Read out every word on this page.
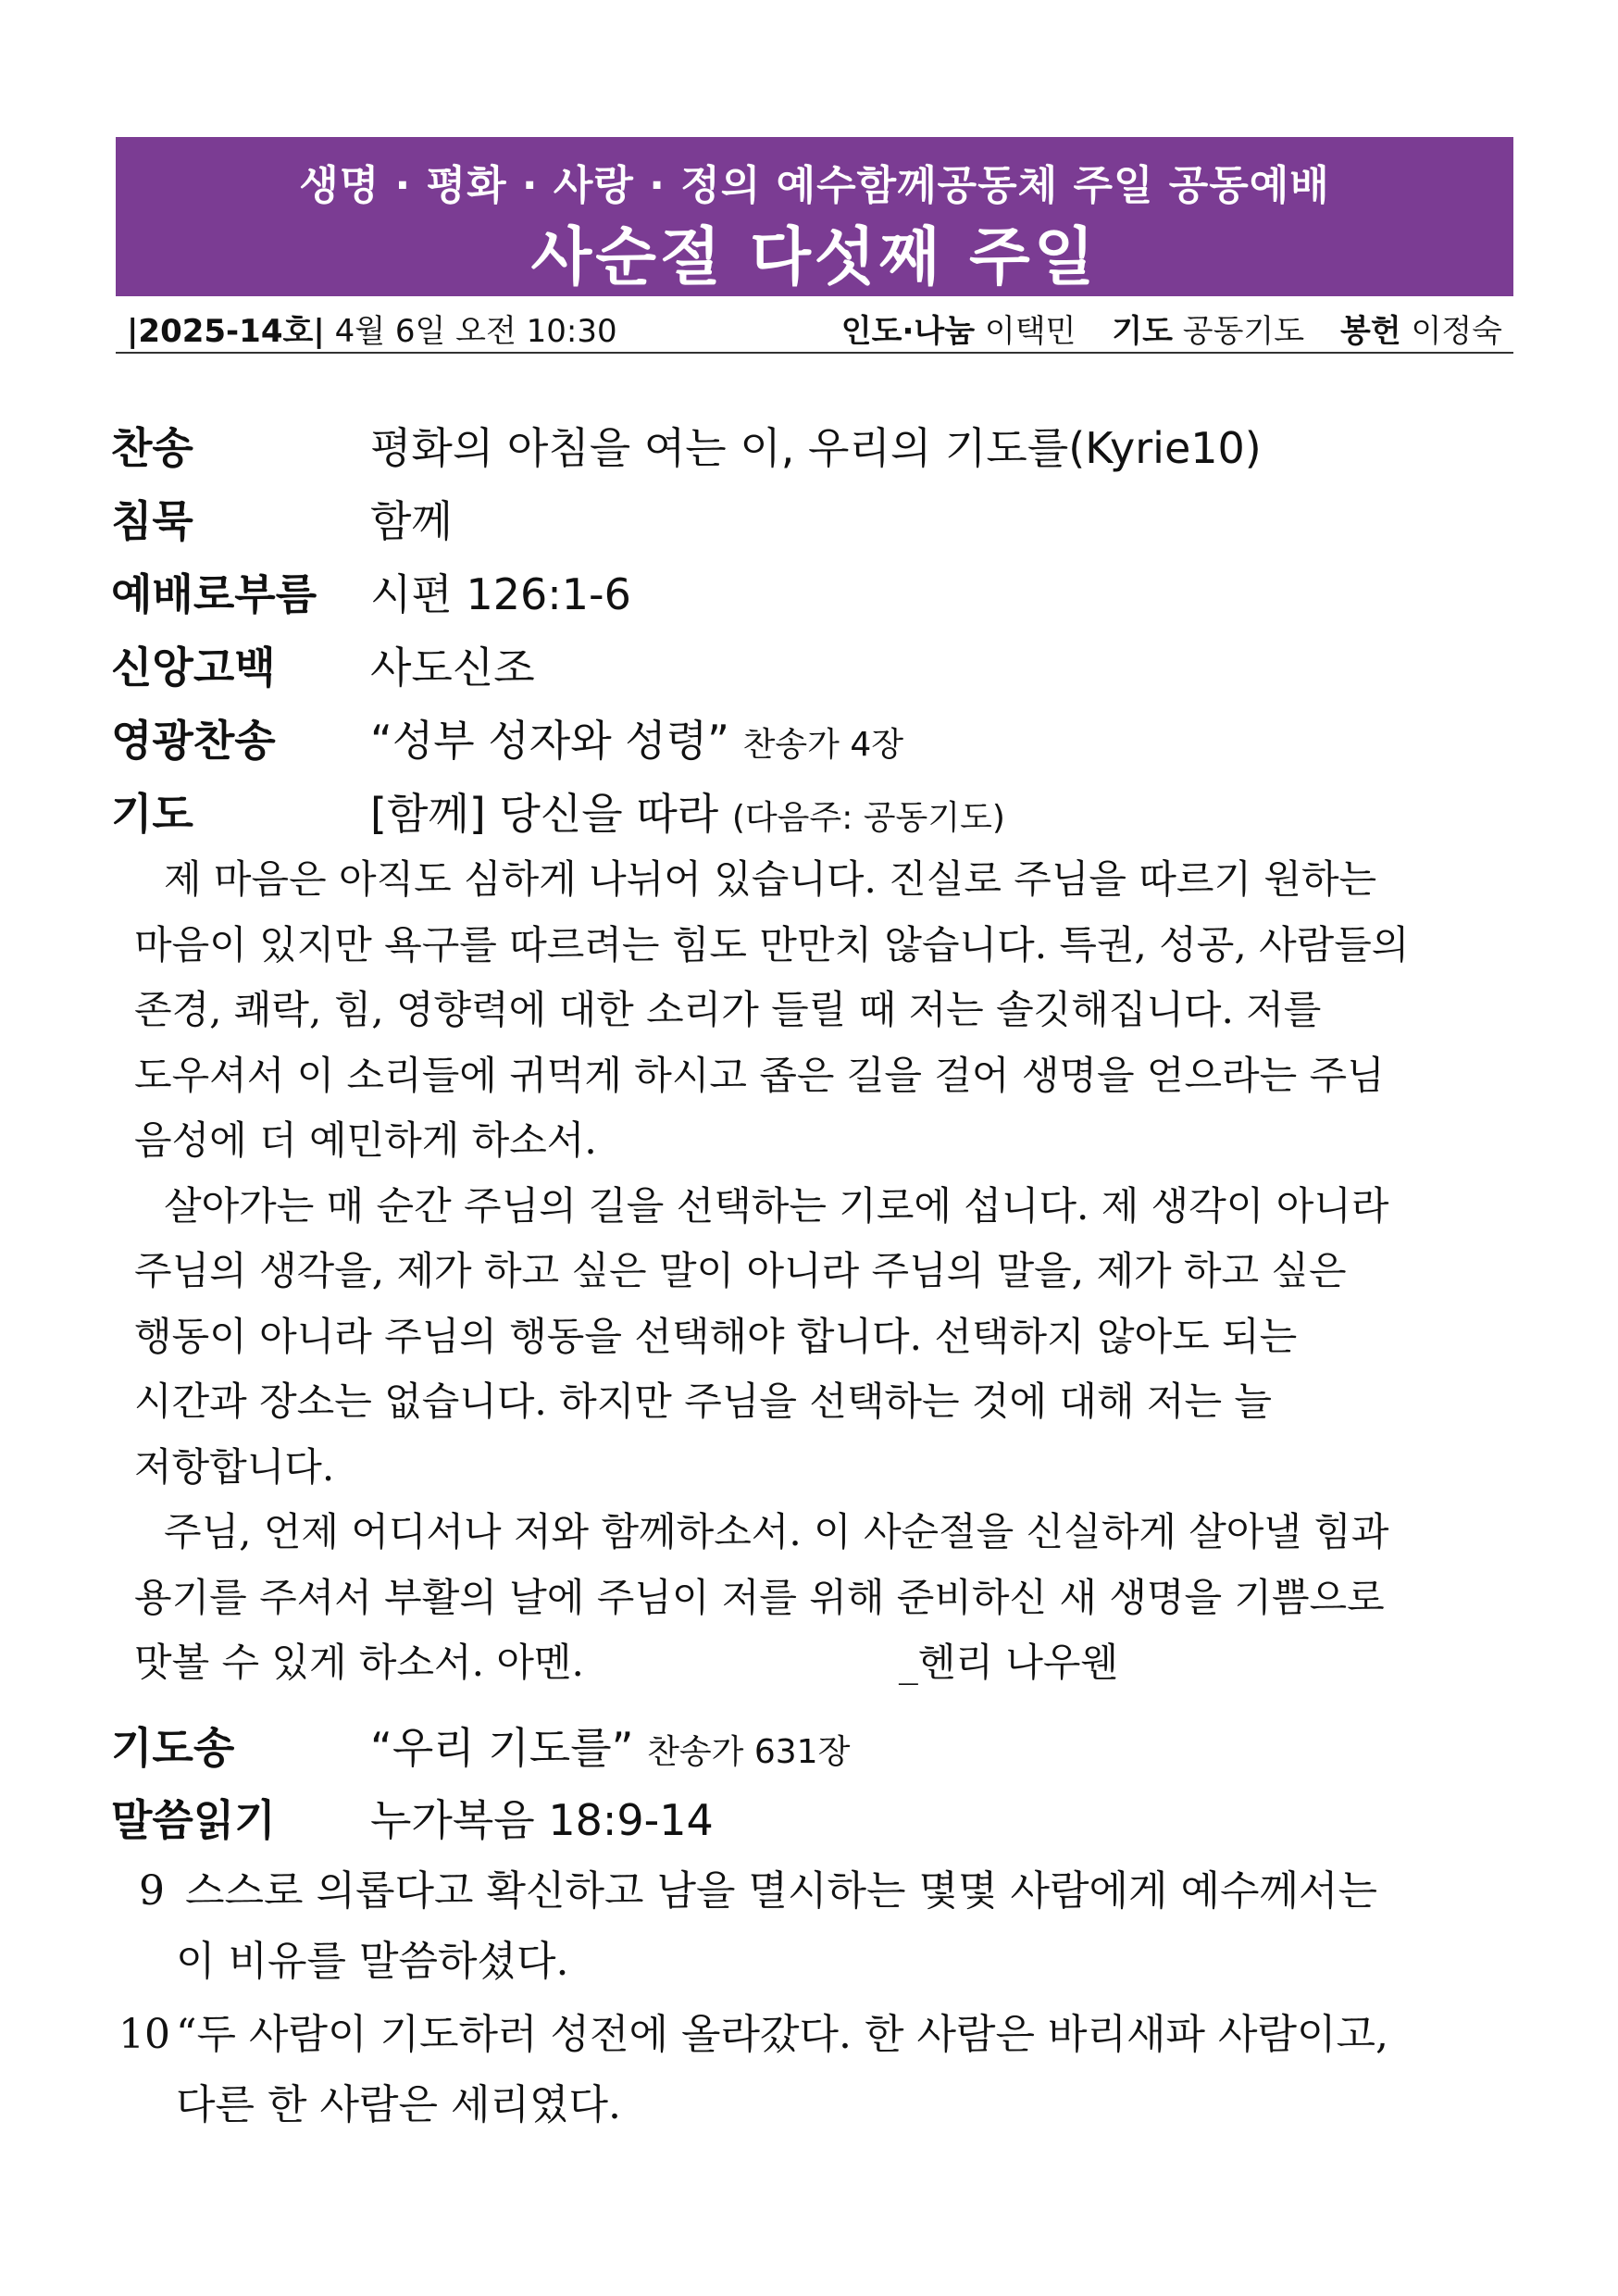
생명 · 평화 · 사랑 · 정의 예수함께공동체 주일 공동예배
사순절 다섯째 주일
|2025-14호| 4월 6일 오전 10:30	인도·나눔 이택민 기도 공동기도 봉헌 이정숙
찬송	평화의 아침을 여는 이, 우리의 기도를(Kyrie10)
침묵	함께
예배로부름 시편 126:1-6
신앙고백 사도신조
영광찬송 “성부 성자와 성령” 찬송가 4장
기도	[함께] 당신을 따라 (다음주: 공동기도)
제 마음은 아직도 심하게 나뉘어 있습니다. 진실로 주님을 따르기 원하는
마음이 있지만 욕구를 따르려는 힘도 만만치 않습니다. 특권, 성공, 사람들의
존경, 쾌락, 힘, 영향력에 대한 소리가 들릴 때 저는 솔깃해집니다. 저를
도우셔서 이 소리들에 귀먹게 하시고 좁은 길을 걸어 생명을 얻으라는 주님
음성에 더 예민하게 하소서.
살아가는 매 순간 주님의 길을 선택하는 기로에 섭니다. 제 생각이 아니라
주님의 생각을, 제가 하고 싶은 말이 아니라 주님의 말을, 제가 하고 싶은
행동이 아니라 주님의 행동을 선택해야 합니다. 선택하지 않아도 되는
시간과 장소는 없습니다. 하지만 주님을 선택하는 것에 대해 저는 늘
저항합니다.
주님, 언제 어디서나 저와 함께하소서. 이 사순절을 신실하게 살아낼 힘과
용기를 주셔서 부활의 날에 주님이 저를 위해 준비하신 새 생명을 기쁨으로
맛볼 수 있게 하소서. 아멘.	_헨리 나우웬
기도송	“우리 기도를” 찬송가 631장
말씀읽기 누가복음 18:9-14
9 스스로 의롭다고 확신하고 남을 멸시하는 몇몇 사람에게 예수께서는
이 비유를 말씀하셨다.
10 “두 사람이 기도하러 성전에 올라갔다. 한 사람은 바리새파 사람이고,
다른 한 사람은 세리였다.
